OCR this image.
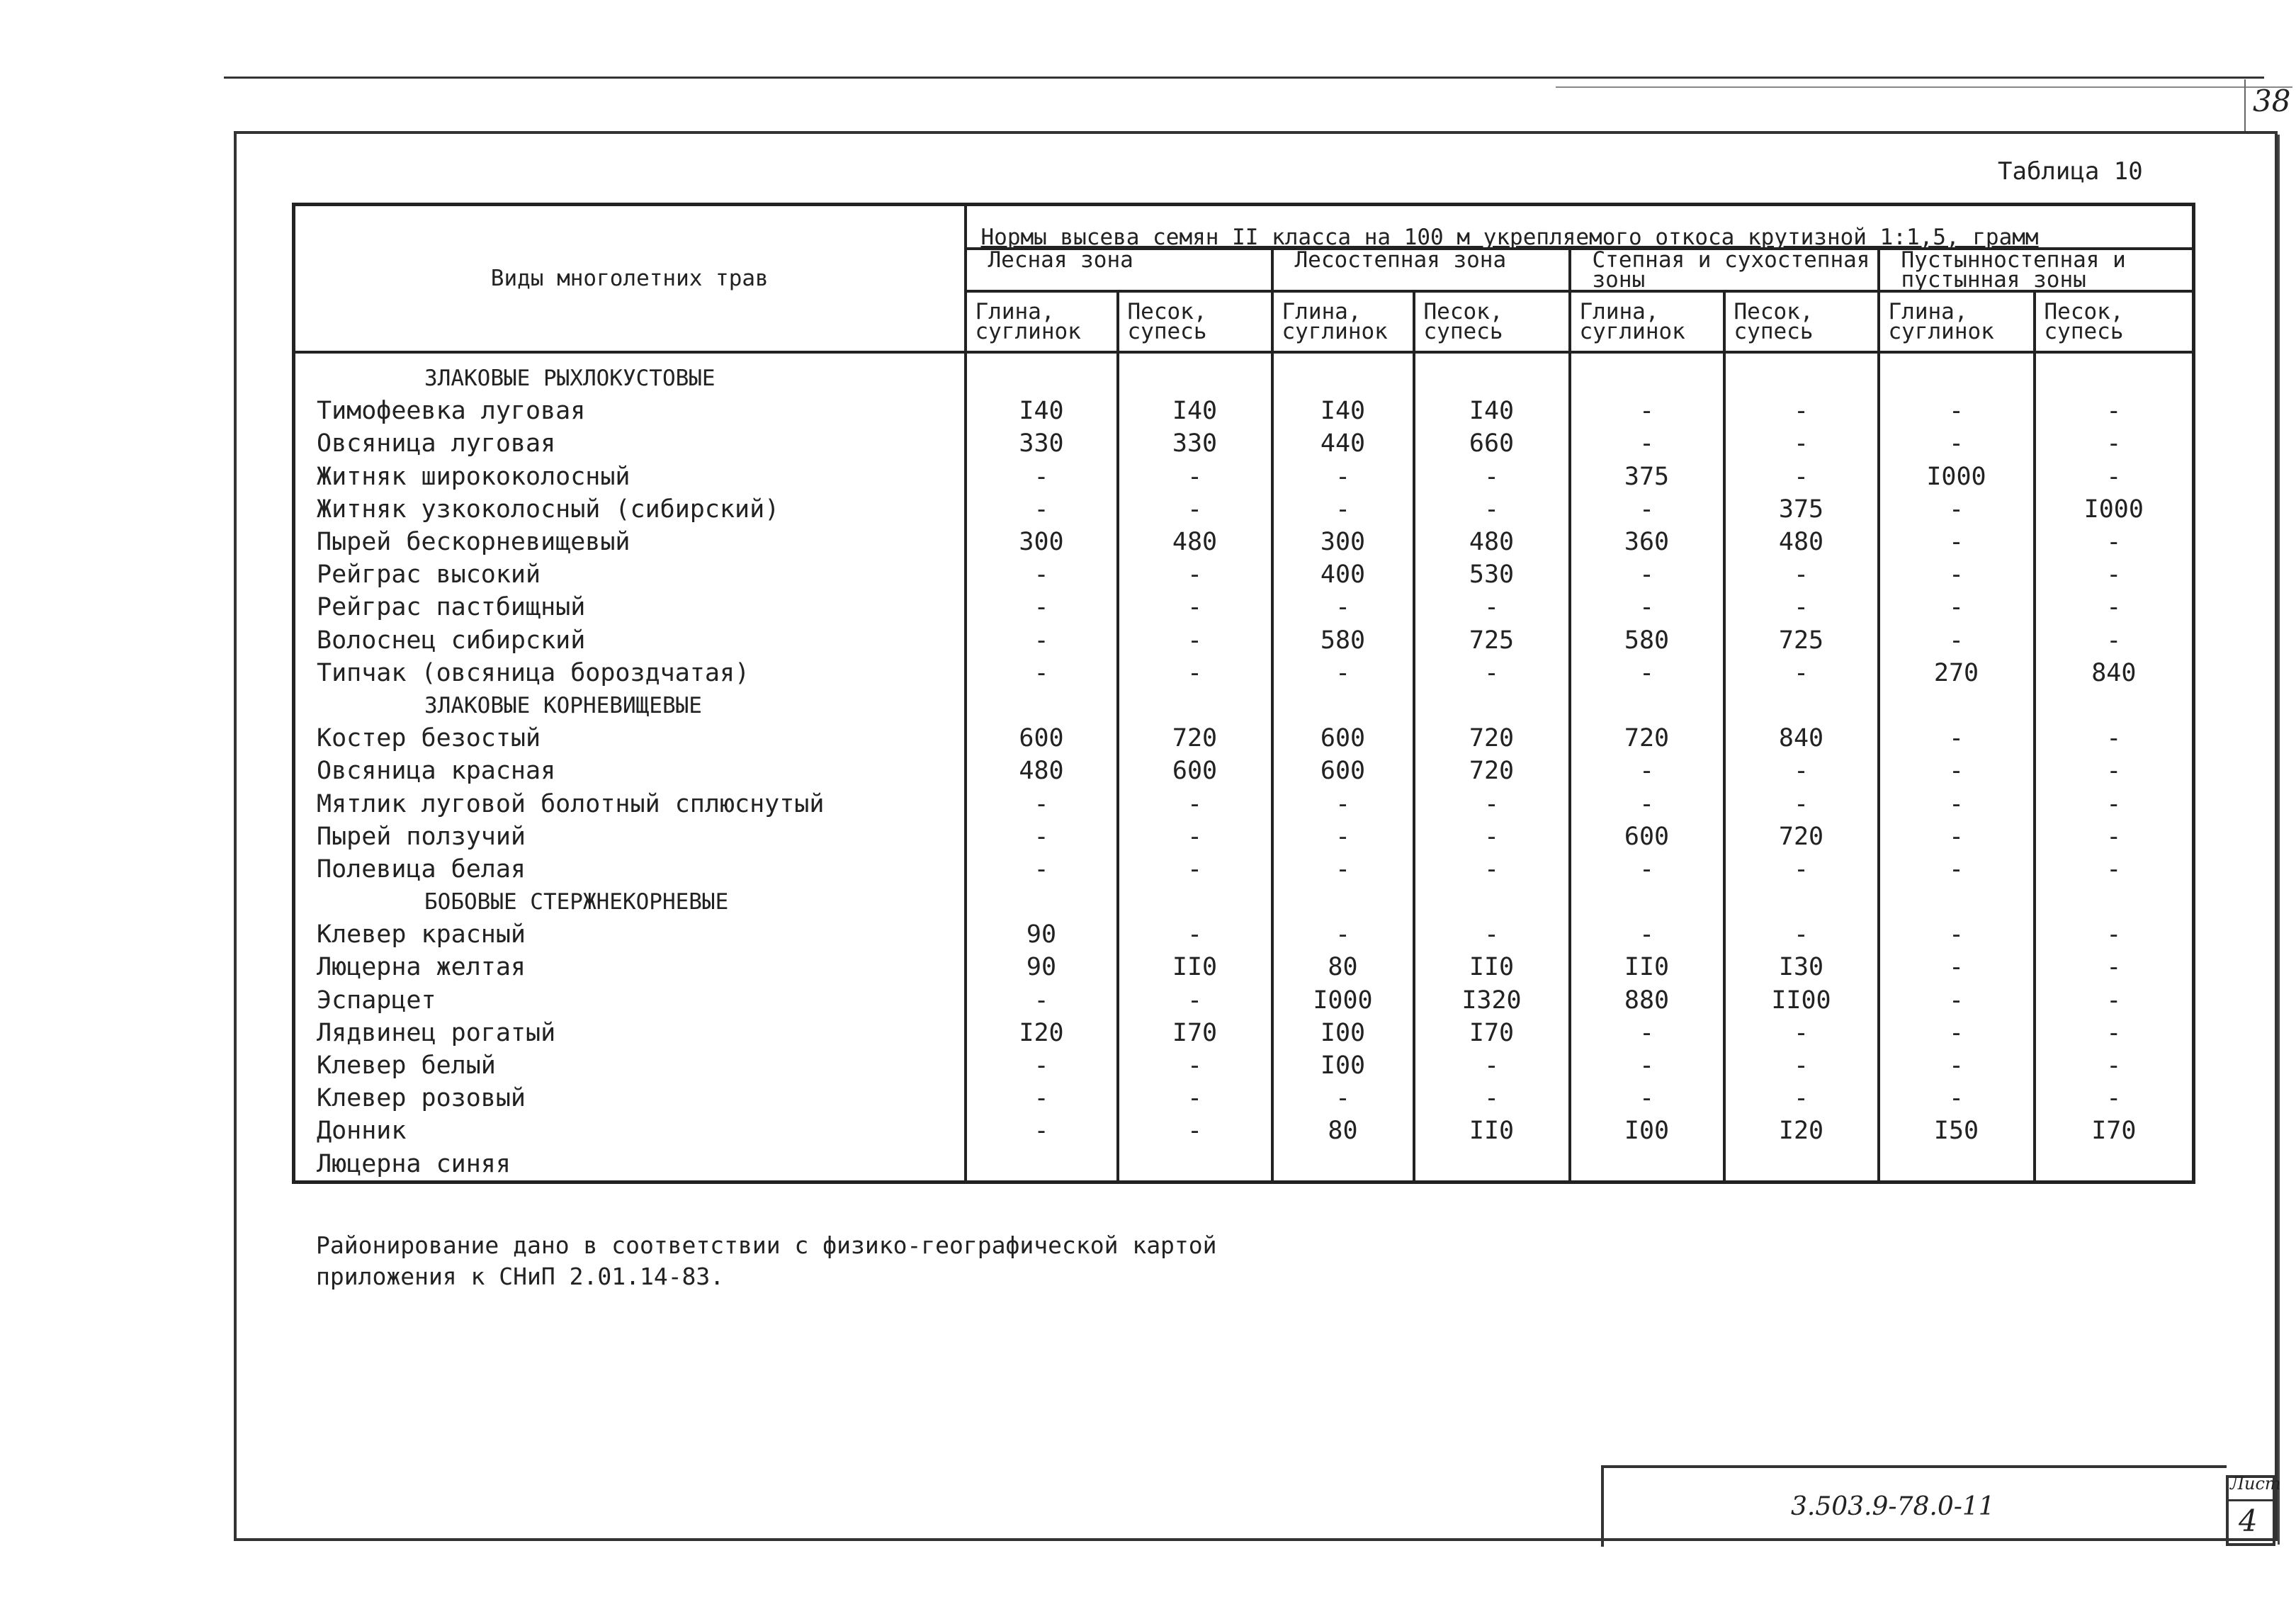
38
Таблица 10
Виды многолетних трав	Нормы высева семян II класса на 100 м укрепляемого откоса крутизной 1:1,5, грамм							
	Лесная зона		Лесостепная зона		Степная и сухостепная зоны		Пустынностепная и пустынная зоны	
	Глина, суглинок	Песок, супесь	Глина, суглинок	Песок, супесь	Глина, суглинок	Песок, супесь	Глина, суглинок	Песок, супесь
ЗЛАКОВЫЕ РЫХЛОКУСТОВЫЕ								
Тимофеевка луговая	I40	I40	I40	I40	-	-	-	-
Овсяница луговая	330	330	440	660	-	-	-	-
Житняк ширококолосный	-	-	-	-	375	-	I000	-
Житняк узкоколосный (сибирский)	-	-	-	-	-	375	-	I000
Пырей бескорневищевый	300	480	300	480	360	480	-	-
Рейграс высокий	-	-	400	530	-	-	-	-
Рейграс пастбищный	-	-	-	-	-	-	-	-
Волоснец сибирский	-	-	580	725	580	725	-	-
Типчак (овсяница бороздчатая)	-	-	-	-	-	-	270	840
ЗЛАКОВЫЕ КОРНЕВИЩЕВЫЕ								
Костер безостый	600	720	600	720	720	840	-	-
Овсяница красная	480	600	600	720	-	-	-	-
Мятлик луговой болотный сплюснутый	-	-	-	-	-	-	-	-
Пырей ползучий	-	-	-	-	600	720	-	-
Полевица белая	-	-	-	-	-	-	-	-
БОБОВЫЕ СТЕРЖНЕКОРНЕВЫЕ								
Клевер красный	90	-	-	-	-	-	-	-
Люцерна желтая	90	II0	80	II0	II0	I30	-	-
Эспарцет	-	-	I000	I320	880	II00	-	-
Лядвинец рогатый	I20	I70	I00	I70	-	-	-	-
Клевер белый	-	-	I00	-	-	-	-	-
Клевер розовый	-	-	-	-	-	-	-	-
Донник	-	-	80	II0	I00	I20	I50	I70
Люцерна синяя								
Районирование дано в соответствии с физико-географической картой
приложения к СНиП 2.01.14-83.
3.503.9-78.0-11
Лист
4
